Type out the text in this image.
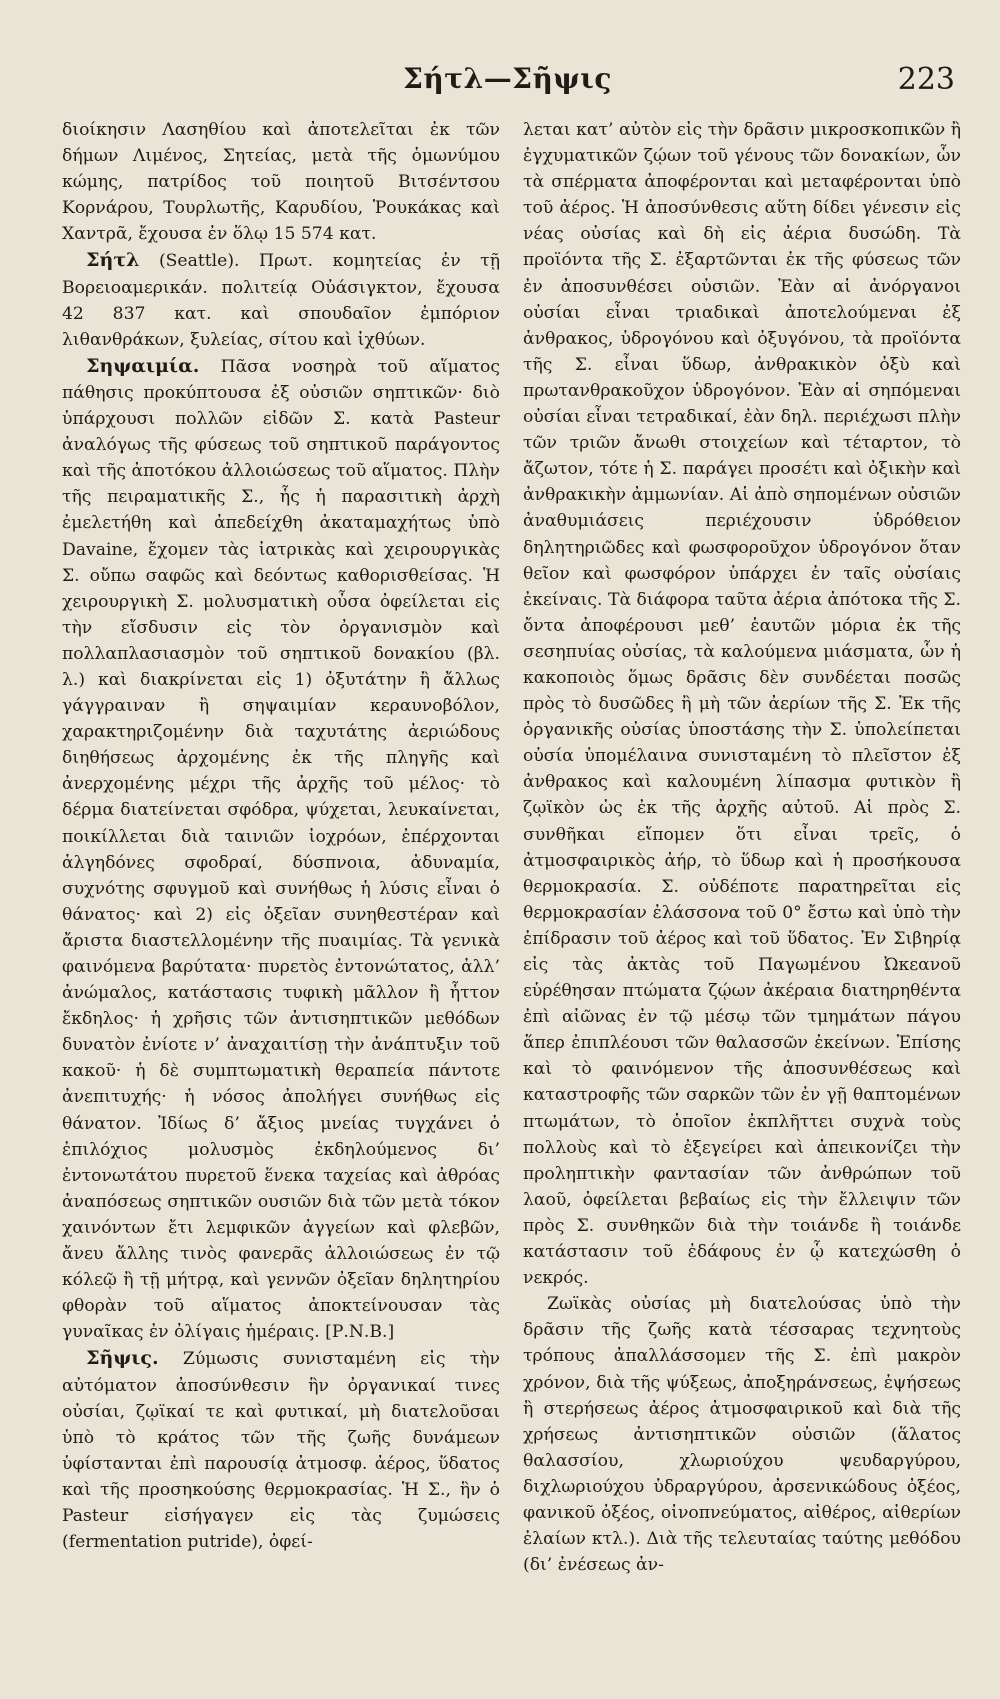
Σήτλ—Σῆψις	223

διοίκησιν Λασηθίου καὶ ἀποτελεῖται ἐκ τῶν δήμων Λιμένος, Σητείας, μετὰ τῆς ὁμωνύμου κώμης, πατρίδος τοῦ ποιητοῦ Βιτσέντσου Κορνάρου, Τουρλωτῆς, Καρυδίου, Ῥουκάκας καὶ Χαντρᾶ, ἔχουσα ἐν ὅλῳ 15 574 κατ.

Σήτλ (Seattle). Πρωτ. κομητείας ἐν τῇ Βορειοαμερικάν. πολιτείᾳ Οὐάσιγκτον, ἔχουσα 42 837 κατ. καὶ σπουδαῖον ἐμπόριον λιθανθράκων, ξυλείας, σίτου καὶ ἰχθύων.

Σηψαιμία. Πᾶσα νοσηρὰ τοῦ αἵματος πάθησις προκύπτουσα ἐξ οὐσιῶν σηπτικῶν· διὸ ὑπάρχουσι πολλῶν εἰδῶν Σ. κατὰ Pasteur ἀναλόγως τῆς φύσεως τοῦ σηπτικοῦ παράγοντος καὶ τῆς ἀποτόκου ἀλλοιώσεως τοῦ αἵματος. Πλὴν τῆς πειραματικῆς Σ., ἧς ἡ παρασιτικὴ ἀρχὴ ἐμελετήθη καὶ ἀπεδείχθη ἀκαταμαχήτως ὑπὸ Davaine, ἔχομεν τὰς ἰατρικὰς καὶ χειρουργικὰς Σ. οὔπω σαφῶς καὶ δεόντως καθορισθείσας. Ἡ χειρουργικὴ Σ. μολυσματικὴ οὖσα ὀφείλεται εἰς τὴν εἴσδυσιν εἰς τὸν ὀργανισμὸν καὶ πολλαπλασιασμὸν τοῦ σηπτικοῦ δονακίου (βλ. λ.) καὶ διακρίνεται εἰς 1) ὀξυτάτην ἢ ἄλλως γάγγραιναν ἢ σηψαιμίαν κεραυνοβόλον, χαρακτηριζομένην διὰ ταχυτάτης ἀεριώδους διηθήσεως ἀρχομένης ἐκ τῆς πληγῆς καὶ ἀνερχομένης μέχρι τῆς ἀρχῆς τοῦ μέλος· τὸ δέρμα διατείνεται σφόδρα, ψύχεται, λευκαίνεται, ποικίλλεται διὰ ταινιῶν ἰοχρόων, ἐπέρχονται ἀλγηδόνες σφοδραί, δύσπνοια, ἀδυναμία, συχνότης σφυγμοῦ καὶ συνήθως ἡ λύσις εἶναι ὁ θάνατος· καὶ 2) εἰς ὀξεῖαν συνηθεστέραν καὶ ἄριστα διαστελλομένην τῆς πυαιμίας. Τὰ γενικὰ φαινόμενα βαρύτατα· πυρετὸς ἐντονώτατος, ἀλλ’ ἀνώμαλος, κατάστασις τυφικὴ μᾶλλον ἢ ἧττον ἔκδηλος· ἡ χρῆσις τῶν ἀντισηπτικῶν μεθόδων δυνατὸν ἐνίοτε ν’ ἀναχαιτίσῃ τὴν ἀνάπτυξιν τοῦ κακοῦ· ἡ δὲ συμπτωματικὴ θεραπεία πάντοτε ἀνεπιτυχής· ἡ νόσος ἀπολήγει συνήθως εἰς θάνατον. Ἰδίως δ’ ἄξιος μνείας τυγχάνει ὁ ἐπιλόχιος μολυσμὸς ἐκδηλούμενος δι’ ἐντονωτάτου πυρετοῦ ἕνεκα ταχείας καὶ ἀθρόας ἀναπόσεως σηπτικῶν ουσιῶν διὰ τῶν μετὰ τόκον χαινόντων ἔτι λεμφικῶν ἀγγείων καὶ φλεβῶν, ἄνευ ἄλλης τινὸς φανερᾶς ἀλλοιώσεως ἐν τῷ κόλεῷ ἢ τῇ μήτρᾳ, καὶ γεννῶν ὀξεῖαν δηλητηρίου φθορὰν τοῦ αἵματος ἀποκτείνουσαν τὰς γυναῖκας ἐν ὀλίγαις ἡμέραις. [Ρ.Ν.Β.]

Σῆψις. Ζύμωσις συνισταμένη εἰς τὴν αὐτόματον ἀποσύνθεσιν ἣν ὀργανικαί τινες οὐσίαι, ζῳϊκαί τε καὶ φυτικαί, μὴ διατελοῦσαι ὑπὸ τὸ κράτος τῶν τῆς ζωῆς δυνάμεων ὑφίστανται ἐπὶ παρουσίᾳ ἀτμοσφ. ἀέρος, ὕδατος καὶ τῆς προσηκούσης θερμοκρασίας. Ἡ Σ., ἣν ὁ Pasteur εἰσήγαγεν εἰς τὰς ζυμώσεις (fermentation putride), ὀφεί-

λεται κατ’ αὐτὸν εἰς τὴν δρᾶσιν μικροσκοπικῶν ἢ ἐγχυματικῶν ζῴων τοῦ γένους τῶν δονακίων, ὧν τὰ σπέρματα ἀποφέρονται καὶ μεταφέρονται ὑπὸ τοῦ ἀέρος. Ἡ ἀποσύνθεσις αὕτη δίδει γένεσιν εἰς νέας οὐσίας καὶ δὴ εἰς ἀέρια δυσώδη. Τὰ προϊόντα τῆς Σ. ἐξαρτῶνται ἐκ τῆς φύσεως τῶν ἐν ἀποσυνθέσει οὐσιῶν. Ἐὰν αἱ ἀνόργανοι οὐσίαι εἶναι τριαδικαὶ ἀποτελούμεναι ἐξ ἀνθρακος, ὑδρογόνου καὶ ὀξυγόνου, τὰ προϊόντα τῆς Σ. εἶναι ὕδωρ, ἀνθρακικὸν ὀξὺ καὶ πρωτανθρακοῦχον ὑδρογόνον. Ἐὰν αἱ σηπόμεναι οὐσίαι εἶναι τετραδικαί, ἐὰν δηλ. περιέχωσι πλὴν τῶν τριῶν ἄνωθι στοιχείων καὶ τέταρτον, τὸ ἄζωτον, τότε ἡ Σ. παράγει προσέτι καὶ ὀξικὴν καὶ ἀνθρακικὴν ἀμμωνίαν. Αἱ ἀπὸ σηπομένων οὐσιῶν ἀναθυμιάσεις περιέχουσιν ὑδρόθειον δηλητηριῶδες καὶ φωσφοροῦχον ὑδρογόνον ὅταν θεῖον καὶ φωσφόρον ὑπάρχει ἐν ταῖς οὐσίαις ἐκείναις. Τὰ διάφορα ταῦτα ἀέρια ἀπότοκα τῆς Σ. ὄντα ἀποφέρουσι μεθ’ ἑαυτῶν μόρια ἐκ τῆς σεσηπυίας οὐσίας, τὰ καλούμενα μιάσματα, ὧν ἡ κακοποιὸς ὅμως δρᾶσις δὲν συνδέεται ποσῶς πρὸς τὸ δυσῶδες ἢ μὴ τῶν ἀερίων τῆς Σ. Ἐκ τῆς ὀργανικῆς οὐσίας ὑποστάσης τὴν Σ. ὑπολείπεται οὐσία ὑπομέλαινα συνισταμένη τὸ πλεῖστον ἐξ ἀνθρακος καὶ καλουμένη λίπασμα φυτικὸν ἢ ζῳϊκὸν ὡς ἐκ τῆς ἀρχῆς αὐτοῦ. Αἱ πρὸς Σ. συνθῆκαι εἴπομεν ὅτι εἶναι τρεῖς, ὁ ἀτμοσφαιρικὸς ἀήρ, τὸ ὕδωρ καὶ ἡ προσήκουσα θερμοκρασία. Σ. οὐδέποτε παρατηρεῖται εἰς θερμοκρασίαν ἐλάσσονα τοῦ 0° ἔστω καὶ ὑπὸ τὴν ἐπίδρασιν τοῦ ἀέρος καὶ τοῦ ὕδατος. Ἐν Σιβηρίᾳ εἰς τὰς ἀκτὰς τοῦ Παγωμένου Ὠκεανοῦ εὑρέθησαν πτώματα ζῴων ἀκέραια διατηρηθέντα ἐπὶ αἰῶνας ἐν τῷ μέσῳ τῶν τμημάτων πάγου ἅπερ ἐπιπλέουσι τῶν θαλασσῶν ἐκείνων. Ἐπίσης καὶ τὸ φαινόμενον τῆς ἀποσυνθέσεως καὶ καταστροφῆς τῶν σαρκῶν τῶν ἐν γῇ θαπτομένων πτωμάτων, τὸ ὁποῖον ἐκπλῆττει συχνὰ τοὺς πολλοὺς καὶ τὸ ἐξεγείρει καὶ ἀπεικονίζει τὴν προληπτικὴν φαντασίαν τῶν ἀνθρώπων τοῦ λαοῦ, ὀφείλεται βεβαίως εἰς τὴν ἔλλειψιν τῶν πρὸς Σ. συνθηκῶν διὰ τὴν τοιάνδε ἢ τοιάνδε κατάστασιν τοῦ ἐδάφους ἐν ᾧ κατεχώσθη ὁ νεκρός.

Ζωϊκὰς οὐσίας μὴ διατελούσας ὑπὸ τὴν δρᾶσιν τῆς ζωῆς κατὰ τέσσαρας τεχνητοὺς τρόπους ἀπαλλάσσομεν τῆς Σ. ἐπὶ μακρὸν χρόνον, διὰ τῆς ψύξεως, ἀποξηράνσεως, ἐψήσεως ἢ στερήσεως ἀέρος ἀτμοσφαιρικοῦ καὶ διὰ τῆς χρήσεως ἀντισηπτικῶν οὐσιῶν (ἅλατος θαλασσίου, χλωριούχου ψευδαργύρου, διχλωριούχου ὑδραργύρου, ἀρσενικώδους ὀξέος, φανικοῦ ὀξέος, οἰνοπνεύματος, αἰθέρος, αἰθερίων ἐλαίων κτλ.). Διὰ τῆς τελευταίας ταύτης μεθόδου (δι’ ἐνέσεως ἀν-
